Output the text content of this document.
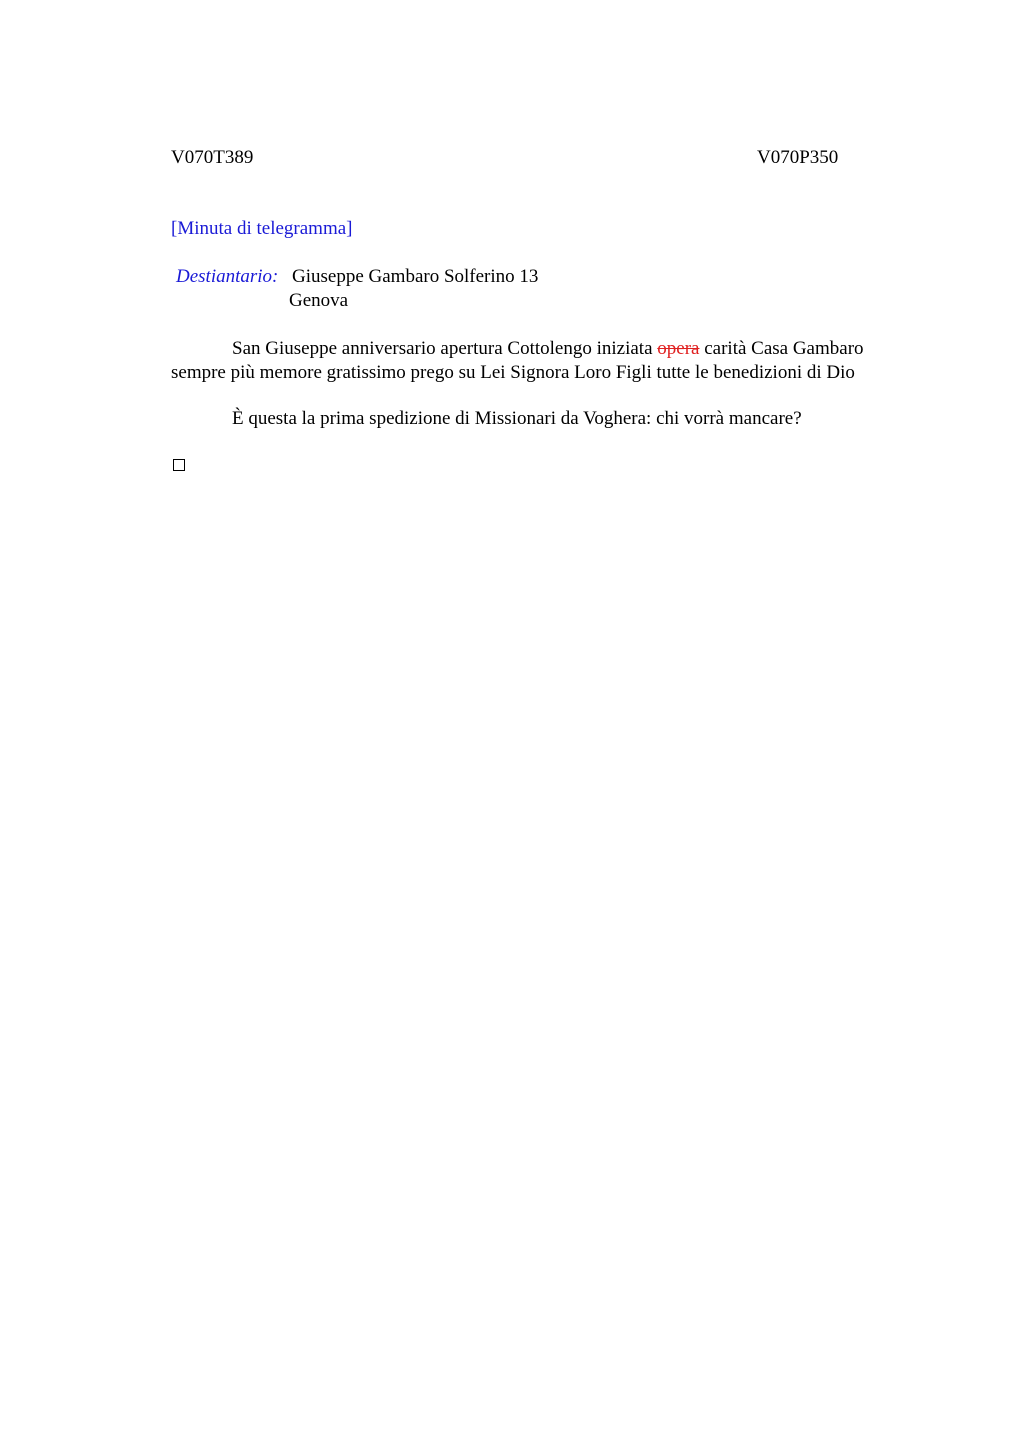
V070T389	V070P350
[Minuta di telegramma]
Destiantario: Giuseppe Gambaro Solferino 13
Genova
San Giuseppe anniversario apertura Cottolengo iniziata opera carità Casa Gambaro
sempre più memore gratissimo prego su Lei Signora Loro Figli tutte le benedizioni di Dio
È questa la prima spedizione di Missionari da Voghera: chi vorrà mancare?
